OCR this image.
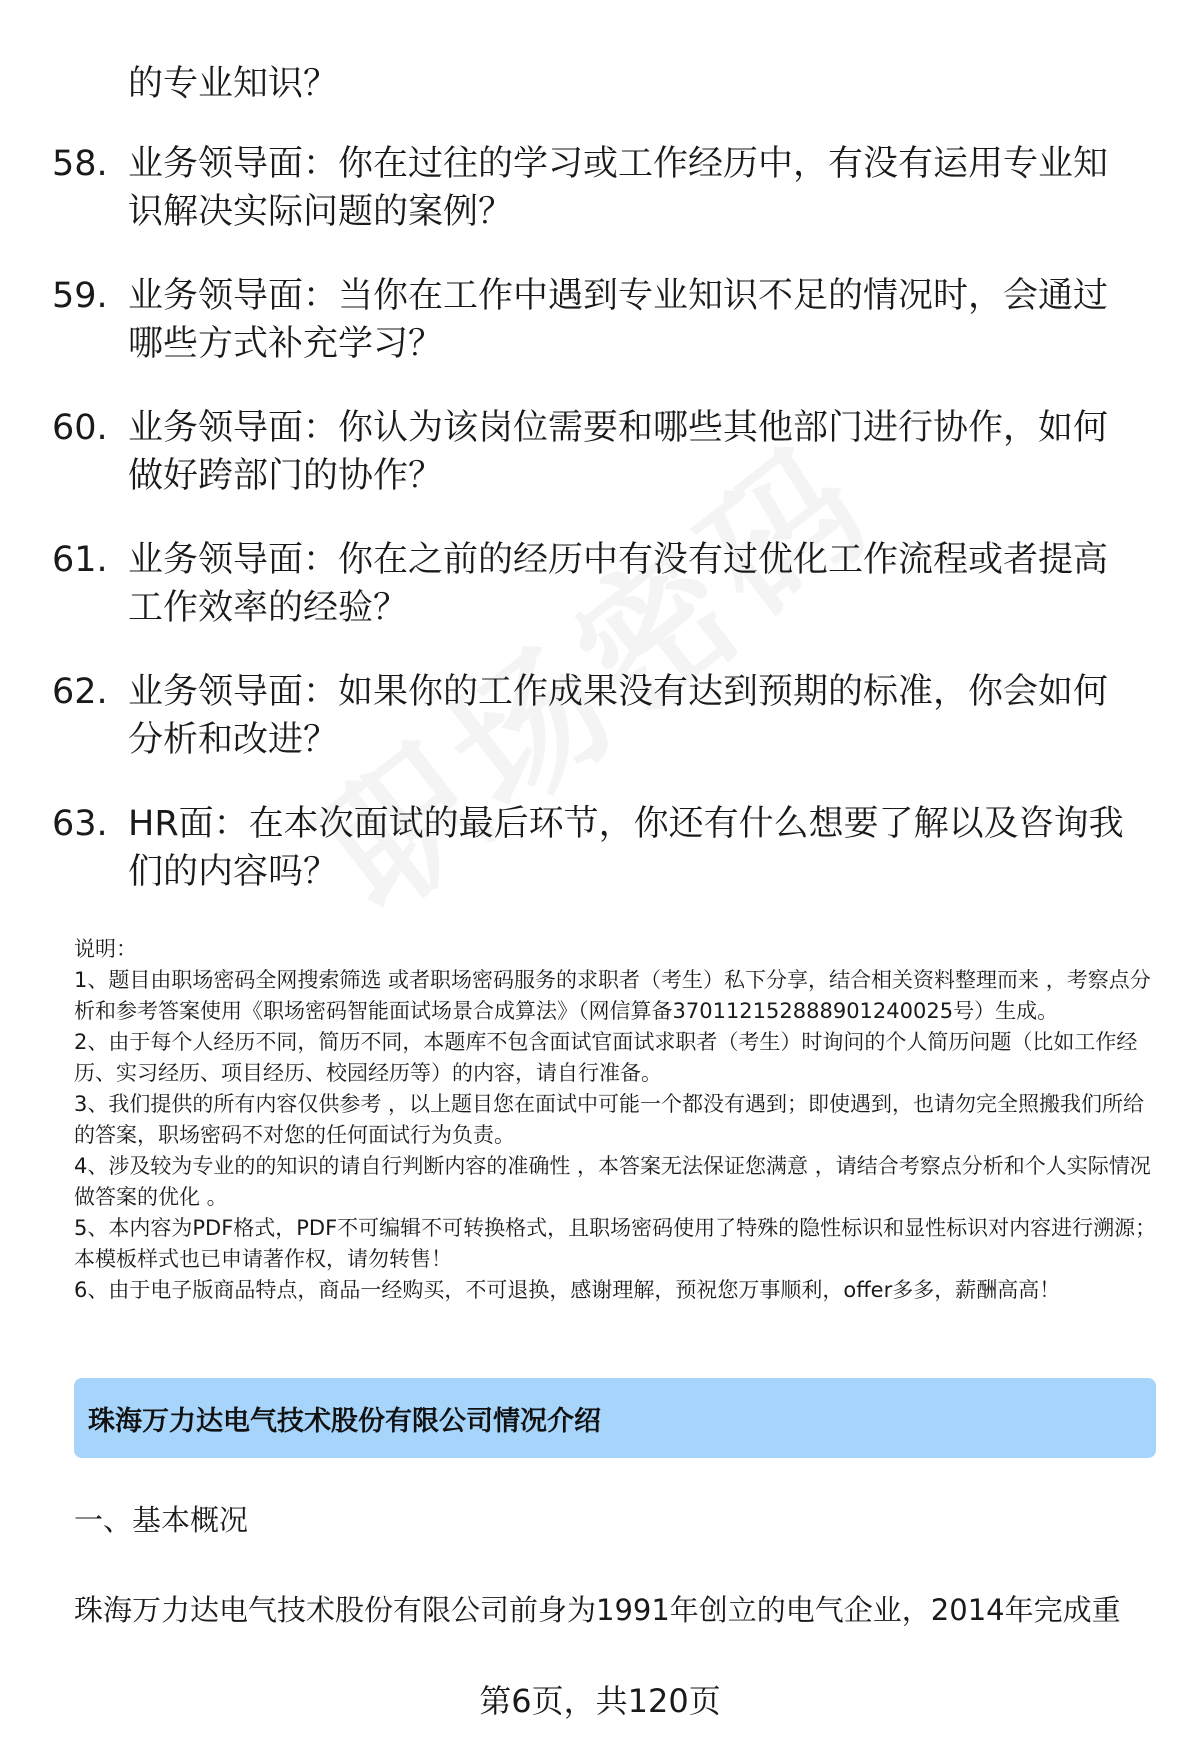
的专业知识？
58. 业务领导面：你在过往的学习或工作经历中，有没有运用专业知识解决实际问题的案例？
59. 业务领导面：当你在工作中遇到专业知识不足的情况时，会通过哪些方式补充学习？
60. 业务领导面：你认为该岗位需要和哪些其他部门进行协作，如何做好跨部门的协作？
61. 业务领导面：你在之前的经历中有没有过优化工作流程或者提高工作效率的经验？
62. 业务领导面：如果你的工作成果没有达到预期的标准，你会如何分析和改进？
63. HR面：在本次面试的最后环节，你还有什么想要了解以及咨询我们的内容吗？
说明：
1、题目由职场密码全网搜索筛选 或者职场密码服务的求职者（考生）私下分享，结合相关资料整理而来 ，考察点分析和参考答案使用《职场密码智能面试场景合成算法》（网信算备370112152888901240025号）生成。
2、由于每个人经历不同，简历不同，本题库不包含面试官面试求职者（考生）时询问的个人简历问题（比如工作经历、实习经历、项目经历、校园经历等）的内容，请自行准备。
3、我们提供的所有内容仅供参考 ，以上题目您在面试中可能一个都没有遇到；即使遇到，也请勿完全照搬我们所给的答案，职场密码不对您的任何面试行为负责。
4、涉及较为专业的的知识的请自行判断内容的准确性 ，本答案无法保证您满意 ，请结合考察点分析和个人实际情况做答案的优化 。
5、本内容为PDF格式，PDF不可编辑不可转换格式，且职场密码使用了特殊的隐性标识和显性标识对内容进行溯源；本模板样式也已申请著作权，请勿转售！
6、由于电子版商品特点，商品一经购买，不可退换，感谢理解，预祝您万事顺利，offer多多，薪酬高高！
珠海万力达电气技术股份有限公司情况介绍
一、基本概况
珠海万力达电气技术股份有限公司前身为1991年创立的电气企业，2014年完成重
第6页，共120页
